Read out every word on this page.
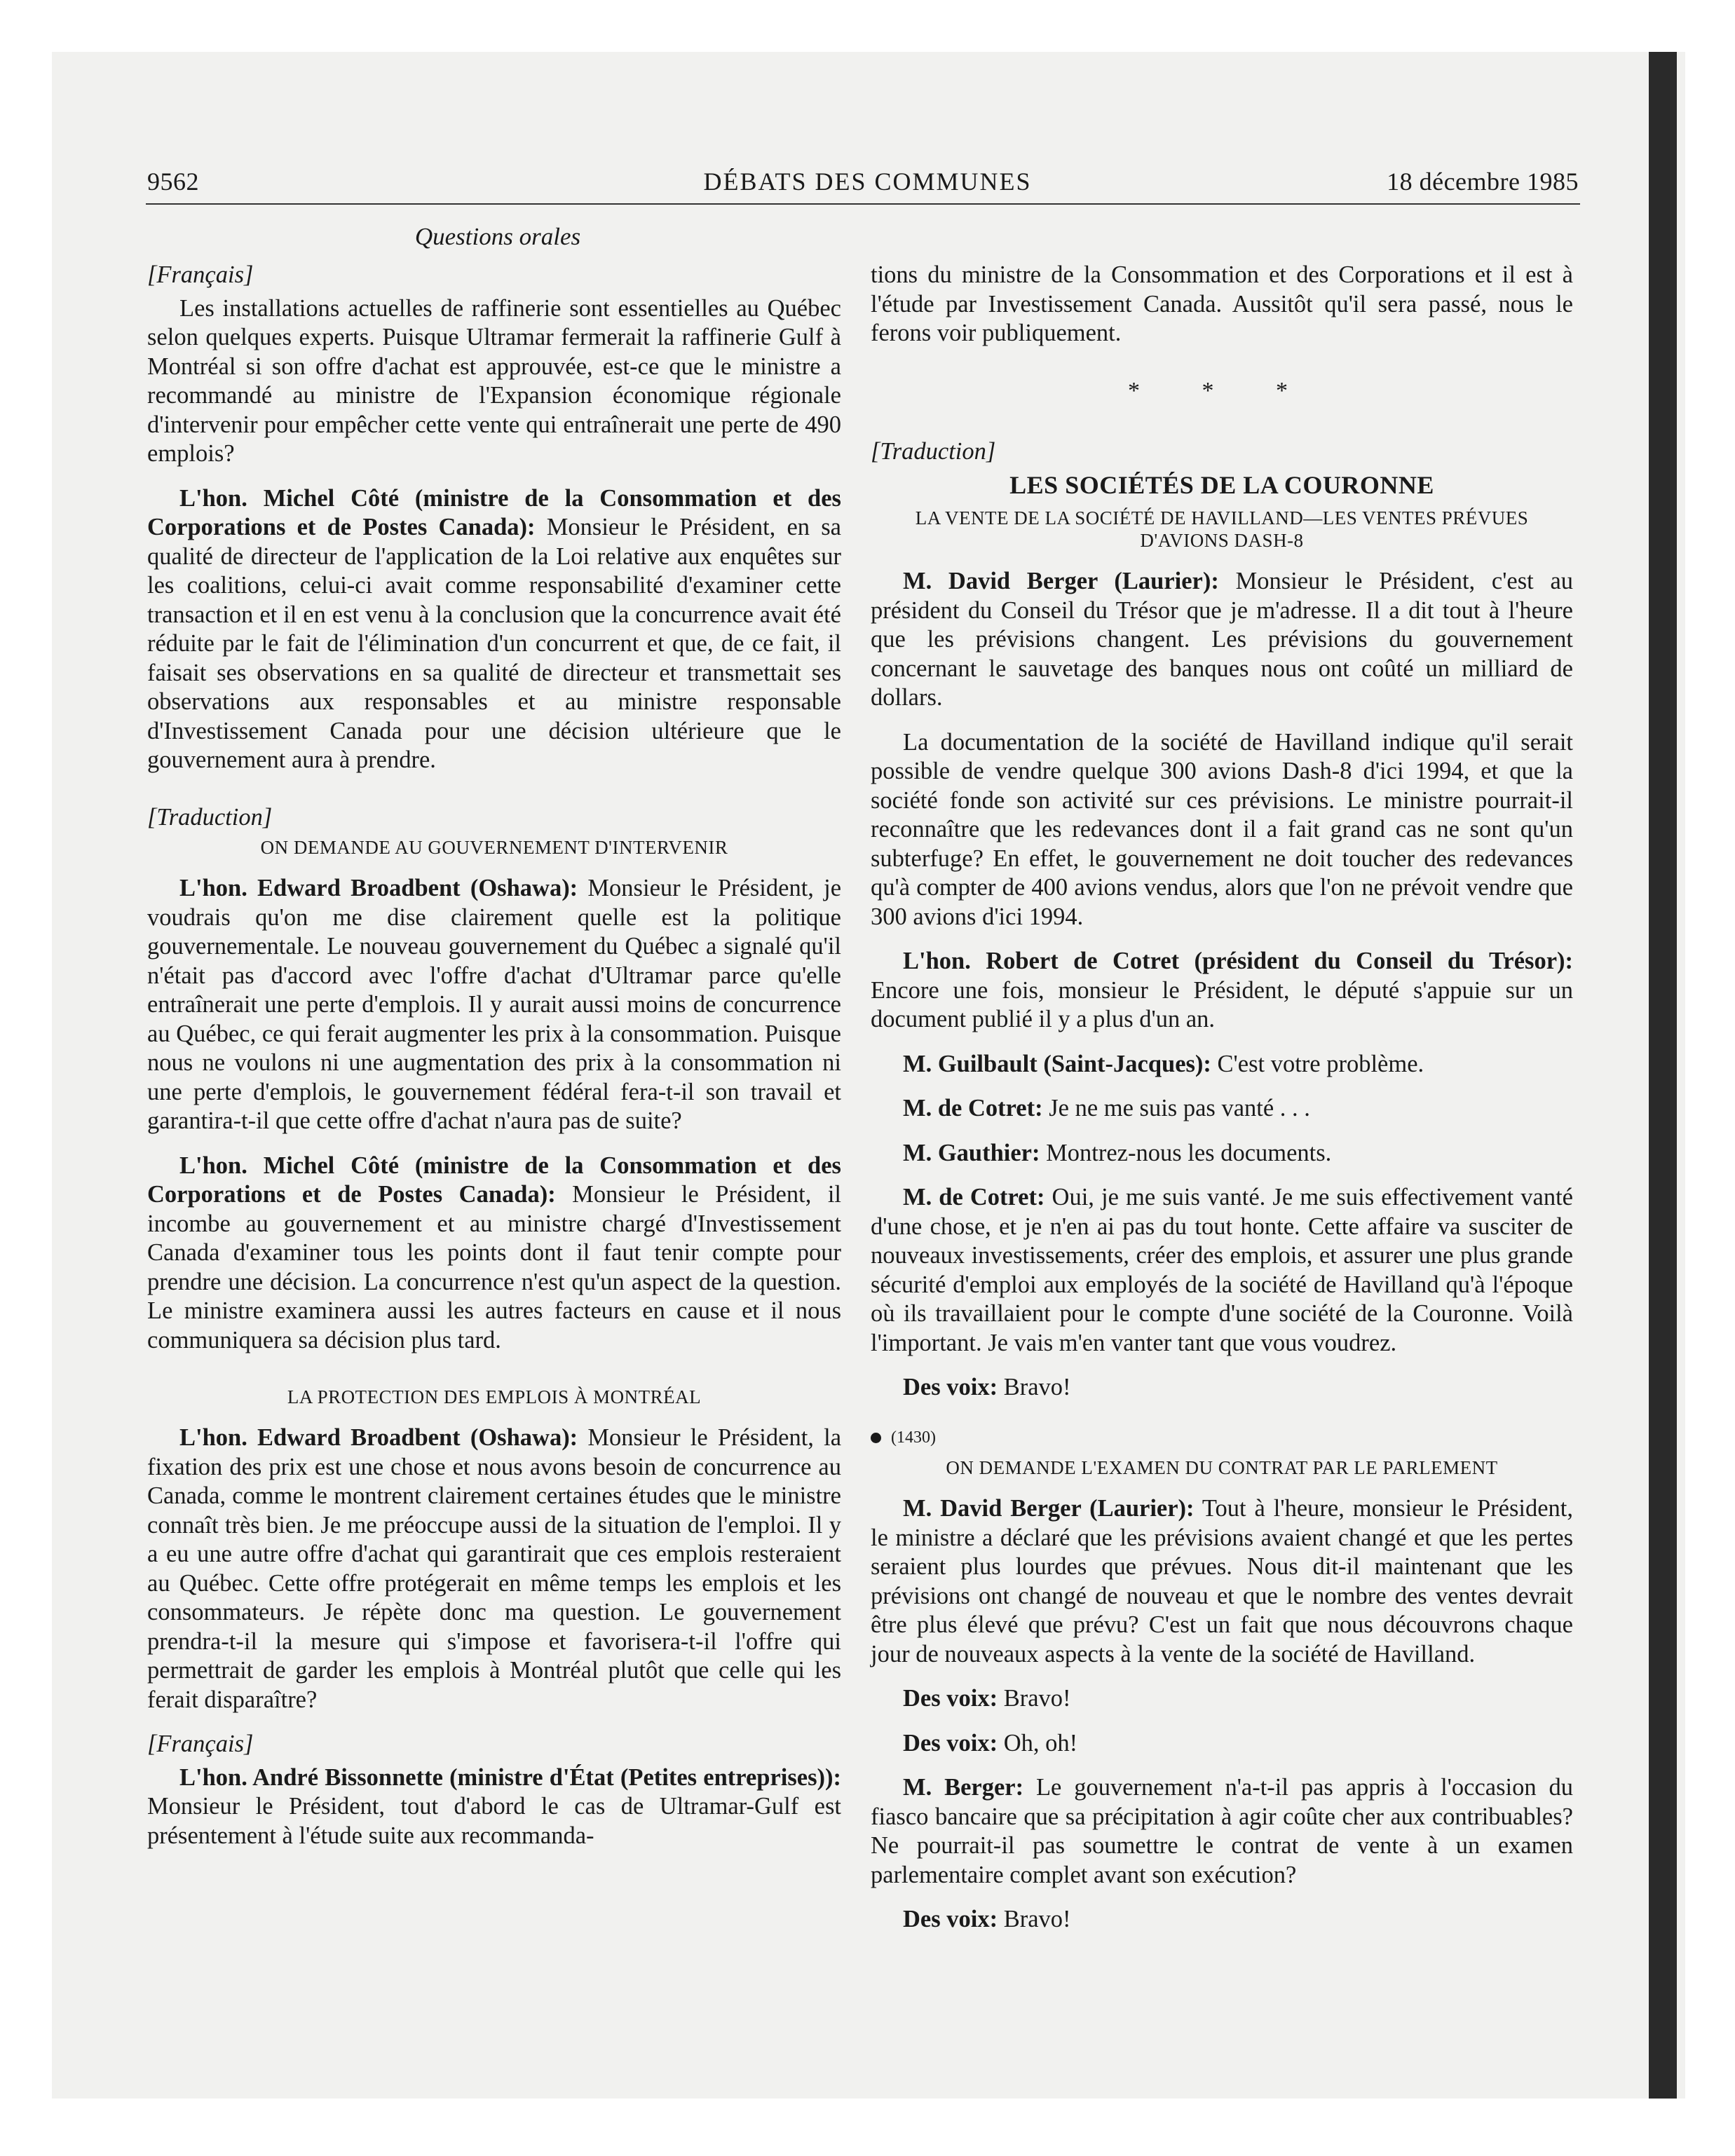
9562	DÉBATS DES COMMUNES	18 décembre 1985
Questions orales

[Français]

Les installations actuelles de raffinerie sont essentielles au Québec selon quelques experts. Puisque Ultramar fermerait la raffinerie Gulf à Montréal si son offre d'achat est approuvée, est-ce que le ministre a recommandé au ministre de l'Expansion économique régionale d'intervenir pour empêcher cette vente qui entraînerait une perte de 490 emplois?

L'hon. Michel Côté (ministre de la Consommation et des Corporations et de Postes Canada): Monsieur le Président, en sa qualité de directeur de l'application de la Loi relative aux enquêtes sur les coalitions, celui-ci avait comme responsabilité d'examiner cette transaction et il en est venu à la conclusion que la concurrence avait été réduite par le fait de l'élimination d'un concurrent et que, de ce fait, il faisait ses observations en sa qualité de directeur et transmettait ses observations aux responsables et au ministre responsable d'Investissement Canada pour une décision ultérieure que le gouvernement aura à prendre.

[Traduction]

ON DEMANDE AU GOUVERNEMENT D'INTERVENIR

L'hon. Edward Broadbent (Oshawa): Monsieur le Président, je voudrais qu'on me dise clairement quelle est la politique gouvernementale. Le nouveau gouvernement du Québec a signalé qu'il n'était pas d'accord avec l'offre d'achat d'Ultramar parce qu'elle entraînerait une perte d'emplois. Il y aurait aussi moins de concurrence au Québec, ce qui ferait augmenter les prix à la consommation. Puisque nous ne voulons ni une augmentation des prix à la consommation ni une perte d'emplois, le gouvernement fédéral fera-t-il son travail et garantira-t-il que cette offre d'achat n'aura pas de suite?

L'hon. Michel Côté (ministre de la Consommation et des Corporations et de Postes Canada): Monsieur le Président, il incombe au gouvernement et au ministre chargé d'Investissement Canada d'examiner tous les points dont il faut tenir compte pour prendre une décision. La concurrence n'est qu'un aspect de la question. Le ministre examinera aussi les autres facteurs en cause et il nous communiquera sa décision plus tard.

LA PROTECTION DES EMPLOIS À MONTRÉAL

L'hon. Edward Broadbent (Oshawa): Monsieur le Président, la fixation des prix est une chose et nous avons besoin de concurrence au Canada, comme le montrent clairement certaines études que le ministre connaît très bien. Je me préoccupe aussi de la situation de l'emploi. Il y a eu une autre offre d'achat qui garantirait que ces emplois resteraient au Québec. Cette offre protégerait en même temps les emplois et les consommateurs. Je répète donc ma question. Le gouvernement prendra-t-il la mesure qui s'impose et favorisera-t-il l'offre qui permettrait de garder les emplois à Montréal plutôt que celle qui les ferait disparaître?

[Français]

L'hon. André Bissonnette (ministre d'État (Petites entreprises)): Monsieur le Président, tout d'abord le cas de Ultramar-Gulf est présentement à l'étude suite aux recommanda-

tions du ministre de la Consommation et des Corporations et il est à l'étude par Investissement Canada. Aussitôt qu'il sera passé, nous le ferons voir publiquement.

* * *

[Traduction]

LES SOCIÉTÉS DE LA COURONNE

LA VENTE DE LA SOCIÉTÉ DE HAVILLAND—LES VENTES PRÉVUES D'AVIONS DASH-8

M. David Berger (Laurier): Monsieur le Président, c'est au président du Conseil du Trésor que je m'adresse. Il a dit tout à l'heure que les prévisions changent. Les prévisions du gouvernement concernant le sauvetage des banques nous ont coûté un milliard de dollars.

La documentation de la société de Havilland indique qu'il serait possible de vendre quelque 300 avions Dash-8 d'ici 1994, et que la société fonde son activité sur ces prévisions. Le ministre pourrait-il reconnaître que les redevances dont il a fait grand cas ne sont qu'un subterfuge? En effet, le gouvernement ne doit toucher des redevances qu'à compter de 400 avions vendus, alors que l'on ne prévoit vendre que 300 avions d'ici 1994.

L'hon. Robert de Cotret (président du Conseil du Trésor): Encore une fois, monsieur le Président, le député s'appuie sur un document publié il y a plus d'un an.

M. Guilbault (Saint-Jacques): C'est votre problème.

M. de Cotret: Je ne me suis pas vanté . . .

M. Gauthier: Montrez-nous les documents.

M. de Cotret: Oui, je me suis vanté. Je me suis effectivement vanté d'une chose, et je n'en ai pas du tout honte. Cette affaire va susciter de nouveaux investissements, créer des emplois, et assurer une plus grande sécurité d'emploi aux employés de la société de Havilland qu'à l'époque où ils travaillaient pour le compte d'une société de la Couronne. Voilà l'important. Je vais m'en vanter tant que vous voudrez.

Des voix: Bravo!

(1430)

ON DEMANDE L'EXAMEN DU CONTRAT PAR LE PARLEMENT

M. David Berger (Laurier): Tout à l'heure, monsieur le Président, le ministre a déclaré que les prévisions avaient changé et que les pertes seraient plus lourdes que prévues. Nous dit-il maintenant que les prévisions ont changé de nouveau et que le nombre des ventes devrait être plus élevé que prévu? C'est un fait que nous découvrons chaque jour de nouveaux aspects à la vente de la société de Havilland.

Des voix: Bravo!

Des voix: Oh, oh!

M. Berger: Le gouvernement n'a-t-il pas appris à l'occasion du fiasco bancaire que sa précipitation à agir coûte cher aux contribuables? Ne pourrait-il pas soumettre le contrat de vente à un examen parlementaire complet avant son exécution?

Des voix: Bravo!
